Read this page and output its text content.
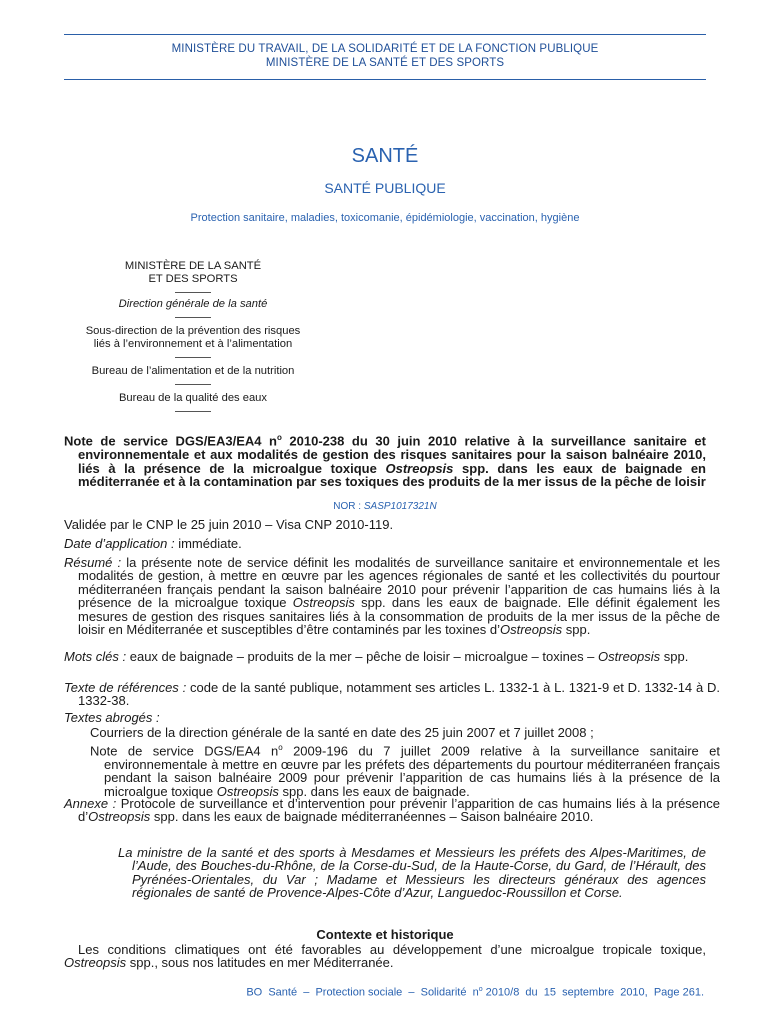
MINISTÈRE DU TRAVAIL, DE LA SOLIDARITÉ ET DE LA FONCTION PUBLIQUE
MINISTÈRE DE LA SANTÉ ET DES SPORTS
SANTÉ
SANTÉ PUBLIQUE
Protection sanitaire, maladies, toxicomanie, épidémiologie, vaccination, hygiène
MINISTÈRE DE LA SANTÉ
ET DES SPORTS
Direction générale de la santé
Sous-direction de la prévention des risques
liés à l’environnement et à l’alimentation
Bureau de l’alimentation et de la nutrition
Bureau de la qualité des eaux
Note de service DGS/EA3/EA4 $n^o$ 2010-238 du 30 juin 2010 relative à la surveillance sanitaire et environnementale et aux modalités de gestion des risques sanitaires pour la saison balnéaire 2010, liés à la présence de la microalgue toxique Ostreopsis spp. dans les eaux de baignade en méditerranée et à la contamination par ses toxiques des produits de la mer issus de la pêche de loisir
NOR : SASP1017321N
Validée par le CNP le 25 juin 2010 – Visa CNP 2010-119.
Date d’application : immédiate.
Résumé : la présente note de service définit les modalités de surveillance sanitaire et environnementale et les modalités de gestion, à mettre en œuvre par les agences régionales de santé et les collectivités du pourtour méditerranéen français pendant la saison balnéaire 2010 pour prévenir l’apparition de cas humains liés à la présence de la microalgue toxique Ostreopsis spp. dans les eaux de baignade. Elle définit également les mesures de gestion des risques sanitaires liés à la consommation de produits de la mer issus de la pêche de loisir en Méditerranée et susceptibles d’être contaminés par les toxines d’Ostreopsis spp.
Mots clés : eaux de baignade – produits de la mer – pêche de loisir – microalgue – toxines – Ostreopsis spp.
Texte de références : code de la santé publique, notamment ses articles L. 1332-1 à L. 1321-9 et D. 1332-14 à D. 1332-38.
Textes abrogés :
Courriers de la direction générale de la santé en date des 25 juin 2007 et 7 juillet 2008 ;
Note de service DGS/EA4 $n^o$ 2009-196 du 7 juillet 2009 relative à la surveillance sanitaire et environnementale à mettre en œuvre par les préfets des départements du pourtour méditerranéen français pendant la saison balnéaire 2009 pour prévenir l’apparition de cas humains liés à la présence de la microalgue toxique Ostreopsis spp. dans les eaux de baignade.
Annexe : Protocole de surveillance et d’intervention pour prévenir l’apparition de cas humains liés à la présence d’Ostreopsis spp. dans les eaux de baignade méditerranéennes – Saison balnéaire 2010.
La ministre de la santé et des sports à Mesdames et Messieurs les préfets des Alpes-Maritimes, de l’Aude, des Bouches-du-Rhône, de la Corse-du-Sud, de la Haute-Corse, du Gard, de l’Hérault, des Pyrénées-Orientales, du Var ; Madame et Messieurs les directeurs généraux des agences régionales de santé de Provence-Alpes-Côte d’Azur, Languedoc-Roussillon et Corse.
Contexte et historique
Les conditions climatiques ont été favorables au développement d’une microalgue tropicale toxique, Ostreopsis spp., sous nos latitudes en mer Méditerranée.
BO  Santé  –  Protection sociale  –  Solidarité  $n^o$ 2010/8  du  15  septembre  2010,  Page 261.
